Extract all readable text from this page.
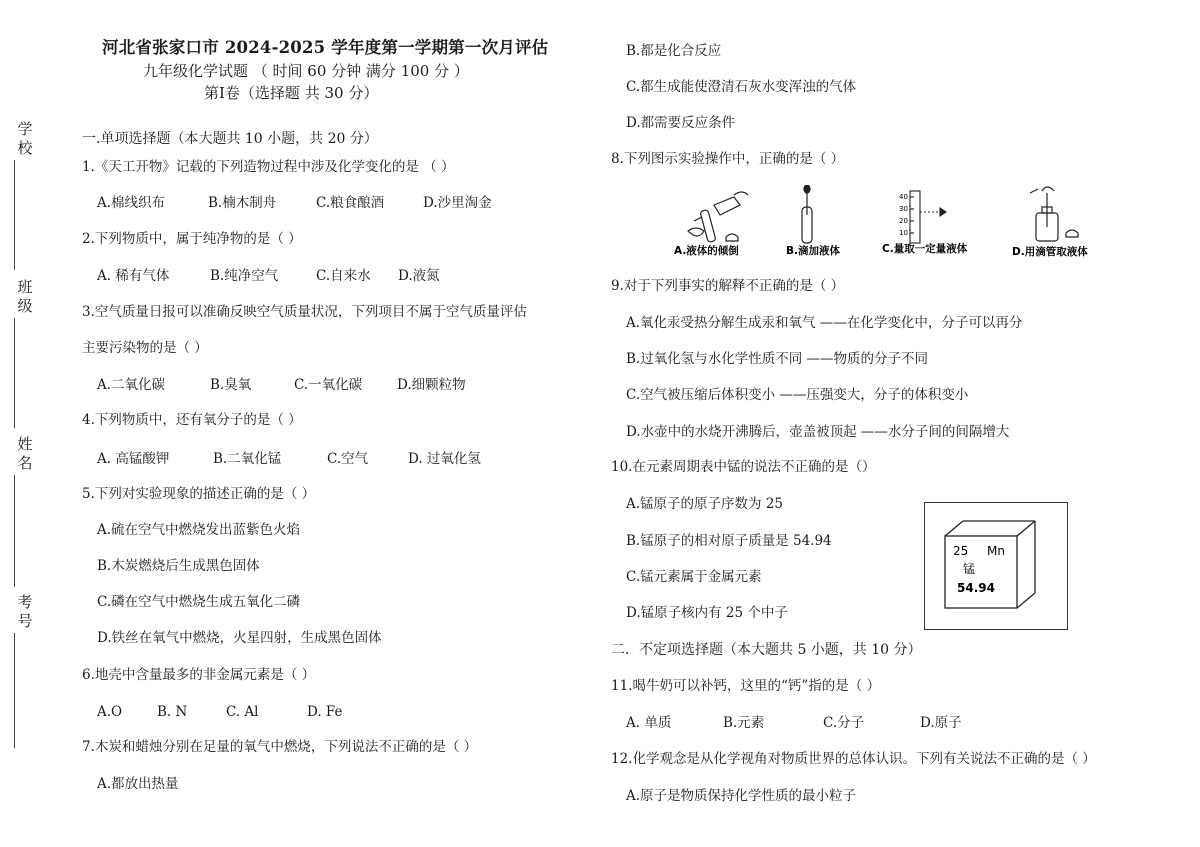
学
校
班
级
姓
名
考
号
河北省张家口市 2024-2025 学年度第一学期第一次月评估
九年级化学试题 （ 时间 60 分钟 满分 100 分 ）
第Ⅰ卷（选择题 共 30 分）
一.单项选择题（本大题共 10 小题，共 20 分）
1.《天工开物》记载的下列造物过程中涉及化学变化的是 （ ）
A.棉线织布	B.楠木制舟	C.粮食酿酒	D.沙里淘金
2.下列物质中，属于纯净物的是（ ）
A. 稀有气体	B.纯净空气	C.自来水 D.液氮
3.空气质量日报可以准确反映空气质量状况，下列项目不属于空气质量评估
主要污染物的是（ ）
A.二氧化碳	B.臭氧	C.一氧化碳	D.细颗粒物
4.下列物质中，还有氧分子的是（ ）
A. 高锰酸钾	B.二氧化锰	C.空气	D. 过氧化氢
5.下列对实验现象的描述正确的是（ ）
A.硫在空气中燃烧发出蓝紫色火焰
B.木炭燃烧后生成黑色固体
C.磷在空气中燃烧生成五氧化二磷
D.铁丝在氧气中燃烧，火星四射，生成黑色固体
6.地壳中含量最多的非金属元素是（ ）
A.O	B. N	C. Al	D. Fe
7.木炭和蜡烛分别在足量的氧气中燃烧，下列说法不正确的是（ ）
A.都放出热量
B.都是化合反应
C.都生成能使澄清石灰水变浑浊的气体
D.都需要反应条件
8.下列图示实验操作中，正确的是（ ）
A.液体的倾倒	B.滴加液体
40
30
20
10
C.量取一定量液体	D.用滴管取液体
9.对于下列事实的解释不正确的是（ ）
A.氧化汞受热分解生成汞和氧气 ——在化学变化中，分子可以再分
B.过氧化氢与水化学性质不同 ——物质的分子不同
C.空气被压缩后体积变小 ——压强变大，分子的体积变小
D.水壶中的水烧开沸腾后，壶盖被顶起 ——水分子间的间隔增大
10.在元素周期表中锰的说法不正确的是（）
A.锰原子的原子序数为 25
B.锰原子的相对原子质量是 54.94
C.锰元素属于金属元素
D.锰原子核内有 25 个中子
25 Mn
锰
54.94
二．不定项选择题（本大题共 5 小题，共 10 分）
11.喝牛奶可以补钙，这里的“钙”指的是（ ）
A. 单质	B.元素	C.分子	D.原子
12.化学观念是从化学视角对物质世界的总体认识。下列有关说法不正确的是（ ）
A.原子是物质保持化学性质的最小粒子
